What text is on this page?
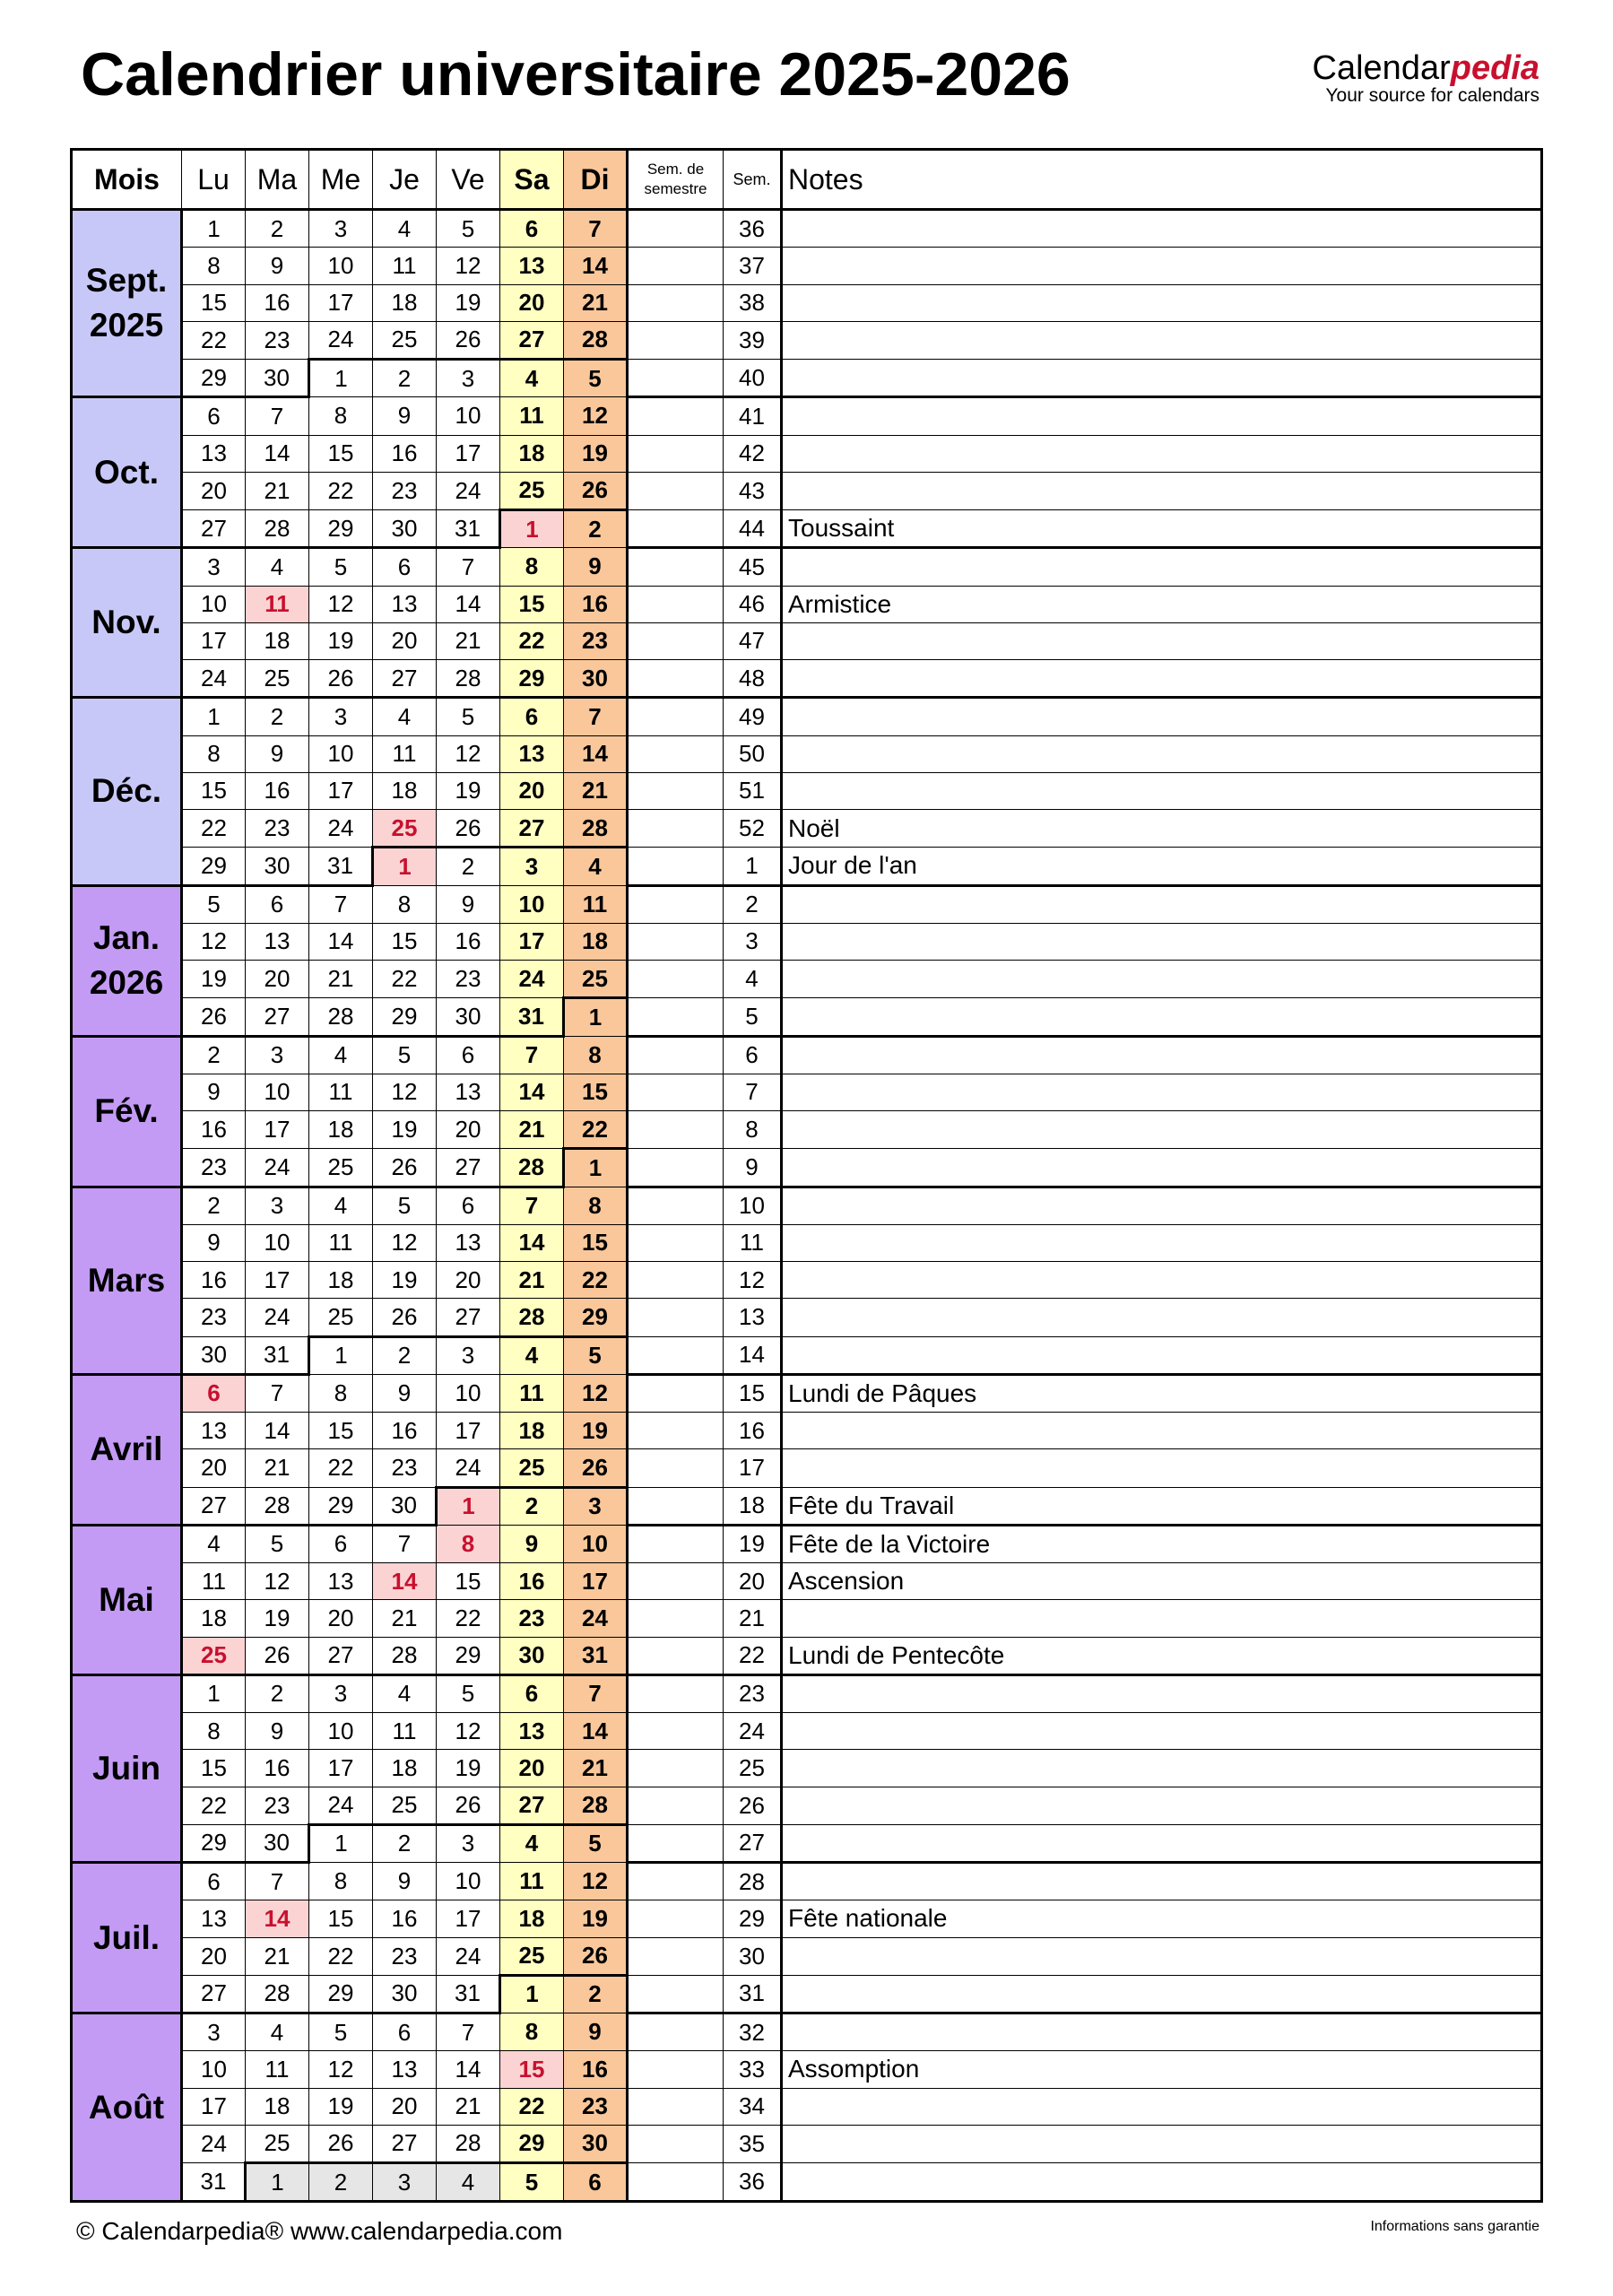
Calendrier universitaire 2025-2026	Calendarpedia
Your source for calendars
Mois	Lu	Ma	Me	Je	Ve	Sa	Di	Sem. de semestre	Sem.	Notes
Sept. 2025	1	2	3	4	5	6	7		36	
	8	9	10	11	12	13	14		37	
	15	16	17	18	19	20	21		38	
	22	23	24	25	26	27	28		39	
	29	30	1	2	3	4	5		40	
Oct.	6	7	8	9	10	11	12		41	
	13	14	15	16	17	18	19		42	
	20	21	22	23	24	25	26		43	
	27	28	29	30	31	1	2		44	Toussaint
Nov.	3	4	5	6	7	8	9		45	
	10	11	12	13	14	15	16		46	Armistice
	17	18	19	20	21	22	23		47	
	24	25	26	27	28	29	30		48	
Déc.	1	2	3	4	5	6	7		49	
	8	9	10	11	12	13	14		50	
	15	16	17	18	19	20	21		51	
	22	23	24	25	26	27	28		52	Noël
	29	30	31	1	2	3	4		1	Jour de l'an
Jan. 2026	5	6	7	8	9	10	11		2	
	12	13	14	15	16	17	18		3	
	19	20	21	22	23	24	25		4	
	26	27	28	29	30	31	1		5	
Fév.	2	3	4	5	6	7	8		6	
	9	10	11	12	13	14	15		7	
	16	17	18	19	20	21	22		8	
	23	24	25	26	27	28	1		9	
Mars	2	3	4	5	6	7	8		10	
	9	10	11	12	13	14	15		11	
	16	17	18	19	20	21	22		12	
	23	24	25	26	27	28	29		13	
	30	31	1	2	3	4	5		14	
Avril	6	7	8	9	10	11	12		15	Lundi de Pâques
	13	14	15	16	17	18	19		16	
	20	21	22	23	24	25	26		17	
	27	28	29	30	1	2	3		18	Fête du Travail
Mai	4	5	6	7	8	9	10		19	Fête de la Victoire
	11	12	13	14	15	16	17		20	Ascension
	18	19	20	21	22	23	24		21	
	25	26	27	28	29	30	31		22	Lundi de Pentecôte
Juin	1	2	3	4	5	6	7		23	
	8	9	10	11	12	13	14		24	
	15	16	17	18	19	20	21		25	
	22	23	24	25	26	27	28		26	
	29	30	1	2	3	4	5		27	
Juil.	6	7	8	9	10	11	12		28	
	13	14	15	16	17	18	19		29	Fête nationale
	20	21	22	23	24	25	26		30	
	27	28	29	30	31	1	2		31	
Août	3	4	5	6	7	8	9		32	
	10	11	12	13	14	15	16		33	Assomption
	17	18	19	20	21	22	23		34	
	24	25	26	27	28	29	30		35	
	31	1	2	3	4	5	6		36	
© Calendarpedia® www.calendarpedia.com	Informations sans garantie
